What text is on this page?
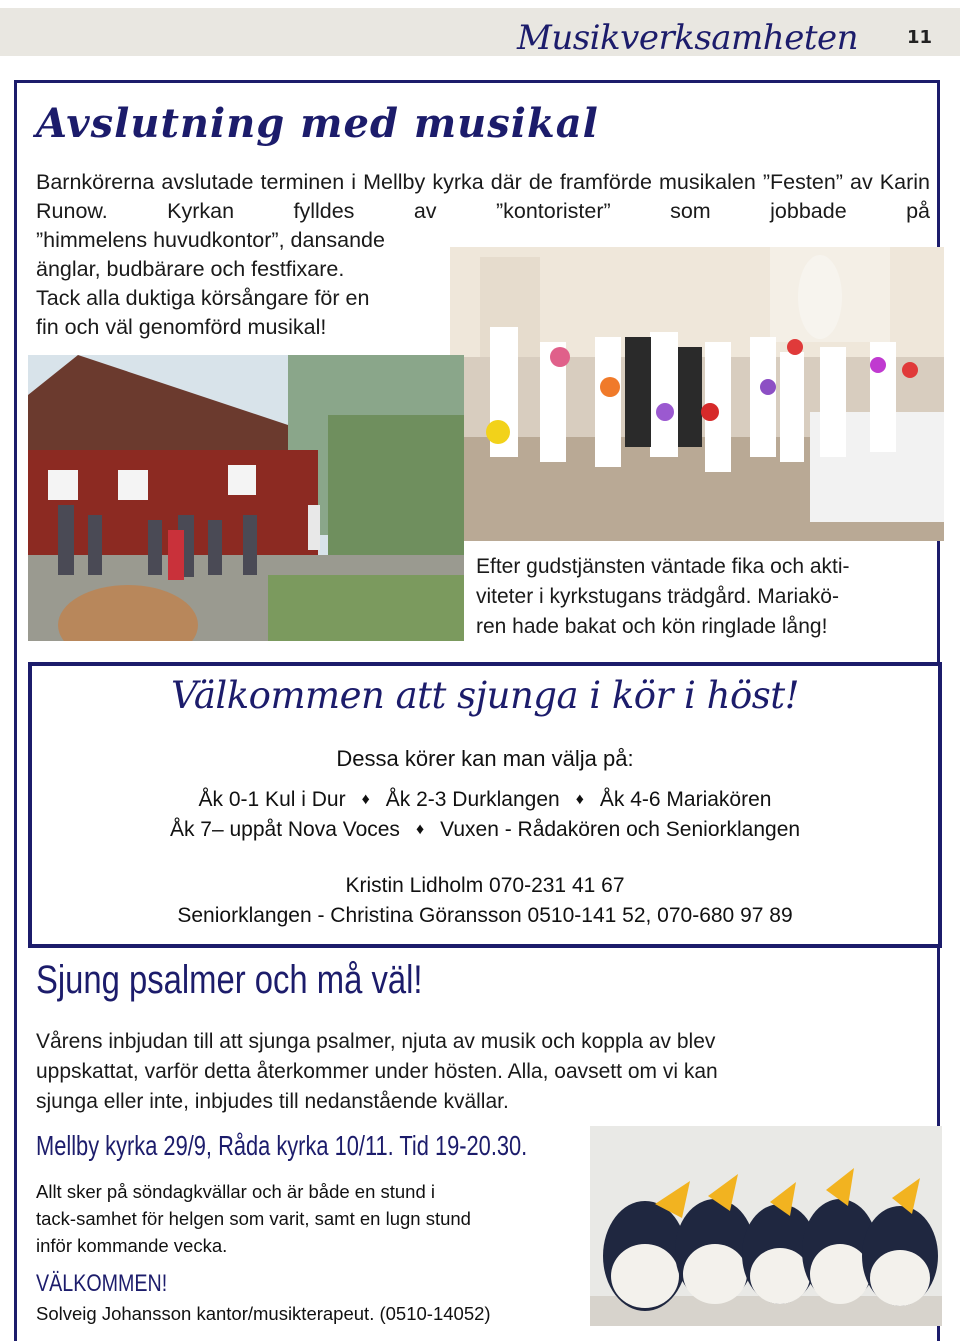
Musikverksamheten	11
Avslutning med musikal
Barnkörerna avslutade terminen i Mellby kyrka där de framförde musikalen ”Festen” av Karin Runow. Kyrkan fylldes av ”kontorister” som jobbade på
”himmelens huvudkontor”, dansande
änglar, budbärare och festfixare.
Tack alla duktiga körsångare för en
fin och väl genomförd musikal!
Efter gudstjänsten väntade fika och akti-
viteter i kyrkstugans trädgård. Mariakö-
ren hade bakat och kön ringlade lång!
Välkommen att sjunga i kör i höst!
Dessa körer kan man välja på:
Åk 0-1 Kul i Dur ♦ Åk 2-3 Durklangen ♦ Åk 4-6 Mariakören
Åk 7– uppåt Nova Voces ♦ Vuxen - Rådakören och Seniorklangen
Kristin Lidholm 070-231 41 67
Seniorklangen - Christina Göransson 0510-141 52, 070-680 97 89
Sjung psalmer och må väl!
Vårens inbjudan till att sjunga psalmer, njuta av musik och koppla av blev
uppskattat, varför detta återkommer under hösten. Alla, oavsett om vi kan
sjunga eller inte, inbjudes till nedanstående kvällar.
Mellby kyrka 29/9, Råda kyrka 10/11. Tid 19-20.30.
Allt sker på söndagkvällar och är både en stund i
tack-samhet för helgen som varit, samt en lugn stund
inför kommande vecka.
VÄLKOMMEN!
Solveig Johansson kantor/musikterapeut. (0510-14052)
